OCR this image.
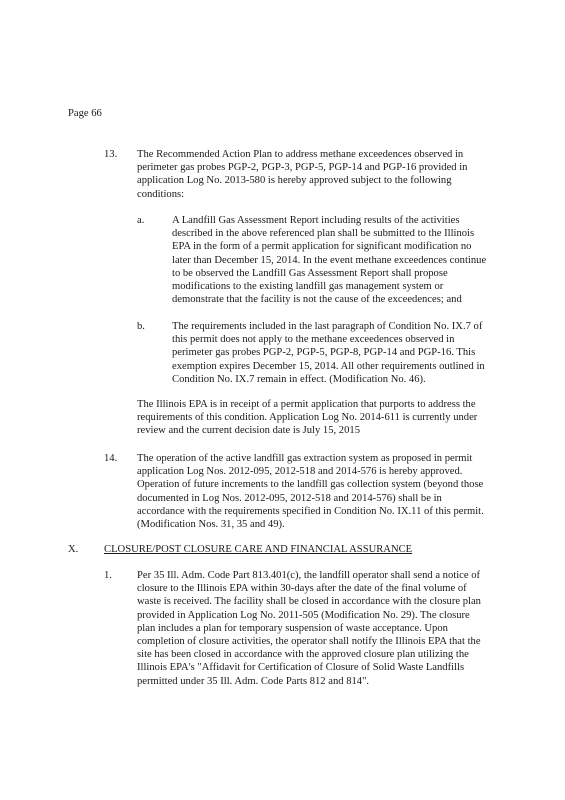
Page 66

13. The Recommended Action Plan to address methane exceedences observed in
perimeter gas probes PGP-2, PGP-3, PGP-5, PGP-14 and PGP-16 provided in
application Log No. 2013-580 is hereby approved subject to the following
conditions:

a.	A Landfill Gas Assessment Report including results of the activities
described in the above referenced plan shall be submitted to the Illinois
EPA in the form of a permit application for significant modification no
later than December 15, 2014. In the event methane exceedences continue
to be observed the Landfill Gas Assessment Report shall propose
modifications to the existing landfill gas management system or
demonstrate that the facility is not the cause of the exceedences; and

b.	The requirements included in the last paragraph of Condition No. IX.7 of
this permit does not apply to the methane exceedences observed in
perimeter gas probes PGP-2, PGP-5, PGP-8, PGP-14 and PGP-16. This
exemption expires December 15, 2014. All other requirements outlined in
Condition No. IX.7 remain in effect. (Modification No. 46).

The Illinois EPA is in receipt of a permit application that purports to address the
requirements of this condition. Application Log No. 2014-611 is currently under
review and the current decision date is July 15, 2015

14. The operation of the active landfill gas extraction system as proposed in permit
application Log Nos. 2012-095, 2012-518 and 2014-576 is hereby approved.
Operation of future increments to the landfill gas collection system (beyond those
documented in Log Nos. 2012-095, 2012-518 and 2014-576) shall be in
accordance with the requirements specified in Condition No. IX.11 of this permit.
(Modification Nos. 31, 35 and 49).

X. CLOSURE/POST CLOSURE CARE AND FINANCIAL ASSURANCE

1. Per 35 Ill. Adm. Code Part 813.401(c), the landfill operator shall send a notice of
closure to the Illinois EPA within 30-days after the date of the final volume of
waste is received. The facility shall be closed in accordance with the closure plan
provided in Application Log No. 2011-505 (Modification No. 29). The closure
plan includes a plan for temporary suspension of waste acceptance. Upon
completion of closure activities, the operator shall notify the Illinois EPA that the
site has been closed in accordance with the approved closure plan utilizing the
Illinois EPA's "Affidavit for Certification of Closure of Solid Waste Landfills
permitted under 35 Ill. Adm. Code Parts 812 and 814".
